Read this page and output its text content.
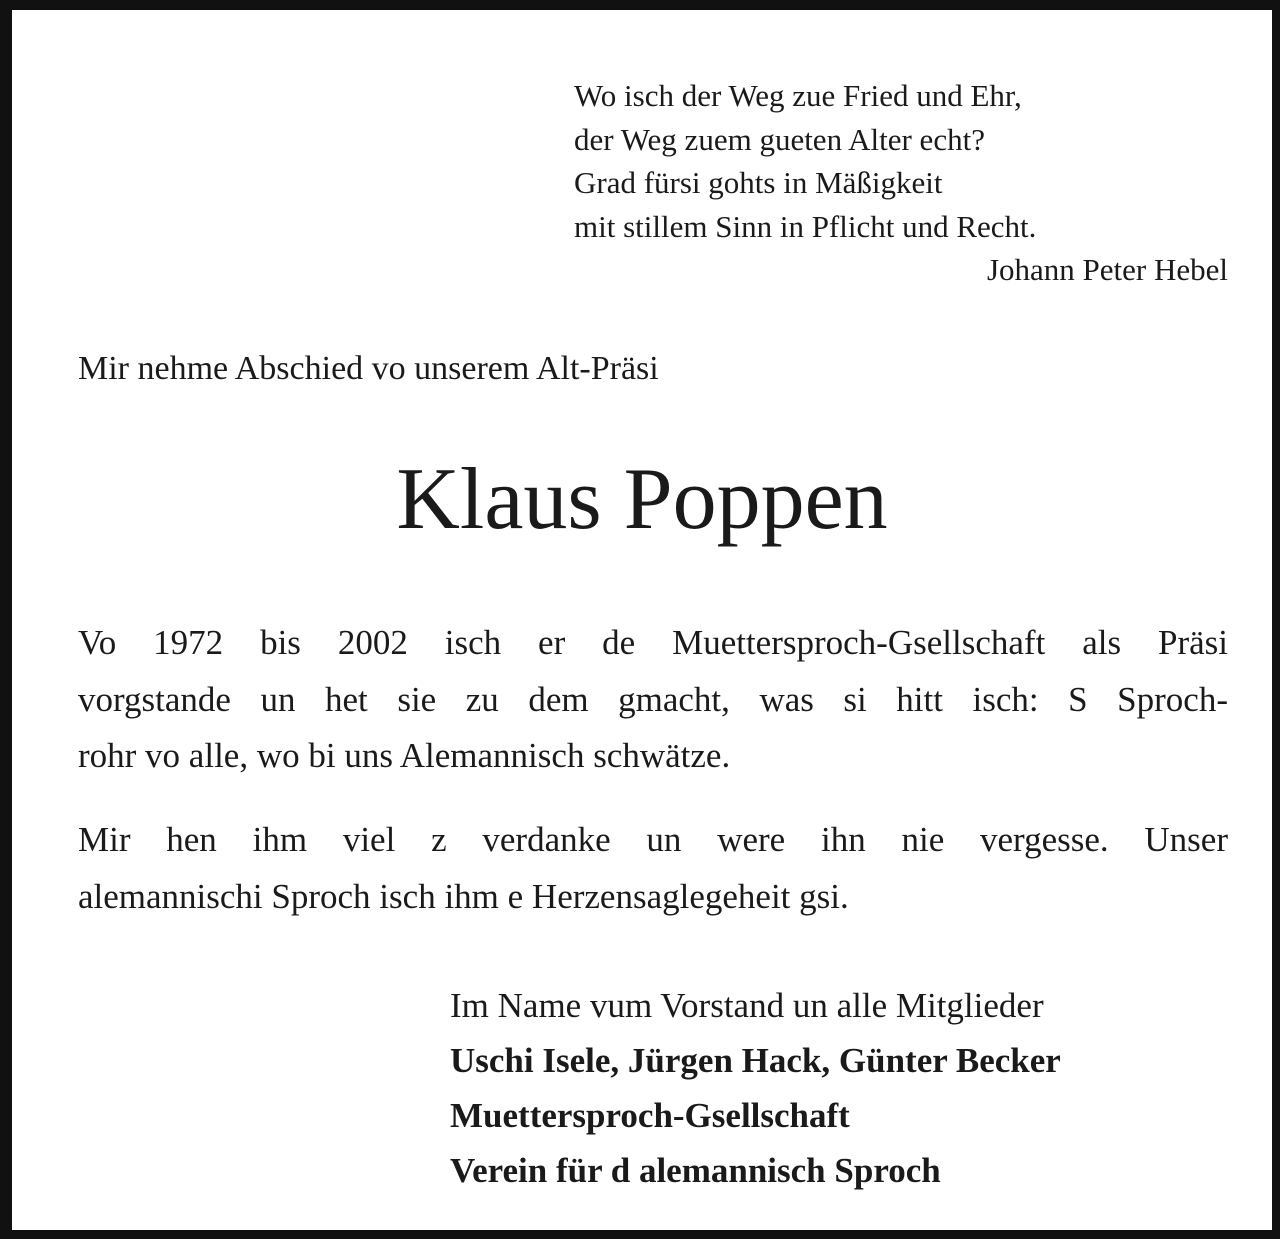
Wo isch der Weg zue Fried und Ehr,
der Weg zuem gueten Alter echt?
Grad fürsi gohts in Mäßigkeit
mit stillem Sinn in Pflicht und Recht.
Johann Peter Hebel
Mir nehme Abschied vo unserem Alt-Präsi
Klaus Poppen
Vo 1972 bis 2002 isch er de Muettersproch-Gsellschaft als Präsi
vorgstande un het sie zu dem gmacht, was si hitt isch: S Sproch-
rohr vo alle, wo bi uns Alemannisch schwätze.
Mir hen ihm viel z verdanke un were ihn nie vergesse. Unser
alemannischi Sproch isch ihm e Herzensaglegeheit gsi.
Im Name vum Vorstand un alle Mitglieder
Uschi Isele, Jürgen Hack, Günter Becker
Muettersproch-Gsellschaft
Verein für d alemannisch Sproch
